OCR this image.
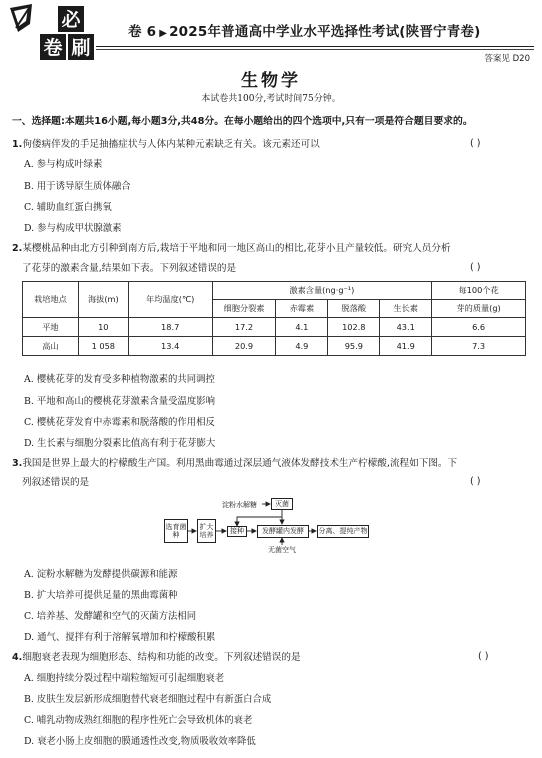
必
卷 刷
卷 6 ▶ 2025年普通高中学业水平选择性考试(陕晋宁青卷)
答案见 D20
生物学
本试卷共100分,考试时间75分钟。
一、选择题:本题共16小题,每小题3分,共48分。在每小题给出的四个选项中,只有一项是符合题目要求的。
1.佝偻病伴发的手足抽搐症状与人体内某种元素缺乏有关。该元素还可以	( )
A. 参与构成叶绿素
B. 用于诱导原生质体融合
C. 辅助血红蛋白携氧
D. 参与构成甲状腺激素
2.某樱桃品种由北方引种到南方后,栽培于平地和同一地区高山的相比,花芽小且产量较低。研究人员分析
了花芽的激素含量,结果如下表。下列叙述错误的是	( )
栽培地点	海拔(m)	年均温度(℃)	激素含量(ng·g⁻¹)				每100个花
			细胞分裂素	赤霉素	脱落酸	生长素	芽的质量(g)
平地	10	18.7	17.2	4.1	102.8	43.1	6.6
高山	1 058	13.4	20.9	4.9	95.9	41.9	7.3
A. 樱桃花芽的发育受多种植物激素的共同调控
B. 平地和高山的樱桃花芽激素含量受温度影响
C. 樱桃花芽发育中赤霉素和脱落酸的作用相反
D. 生长素与细胞分裂素比值高有利于花芽膨大
3.我国是世界上最大的柠檬酸生产国。利用黑曲霉通过深层通气液体发酵技术生产柠檬酸,流程如下图。下
列叙述错误的是	( )
选育菌种
扩大培养	接种	发酵罐内发酵	分离、提纯产物
灭菌
淀粉水解糖
无菌空气
A. 淀粉水解糖为发酵提供碳源和能源
B. 扩大培养可提供足量的黑曲霉菌种
C. 培养基、发酵罐和空气的灭菌方法相同
D. 通气、搅拌有利于溶解氧增加和柠檬酸积累
4.细胞衰老表现为细胞形态、结构和功能的改变。下列叙述错误的是	( )
A. 细胞持续分裂过程中端粒缩短可引起细胞衰老
B. 皮肤生发层新形成细胞替代衰老细胞过程中有新蛋白合成
C. 哺乳动物成熟红细胞的程序性死亡会导致机体的衰老
D. 衰老小肠上皮细胞的膜通透性改变,物质吸收效率降低
